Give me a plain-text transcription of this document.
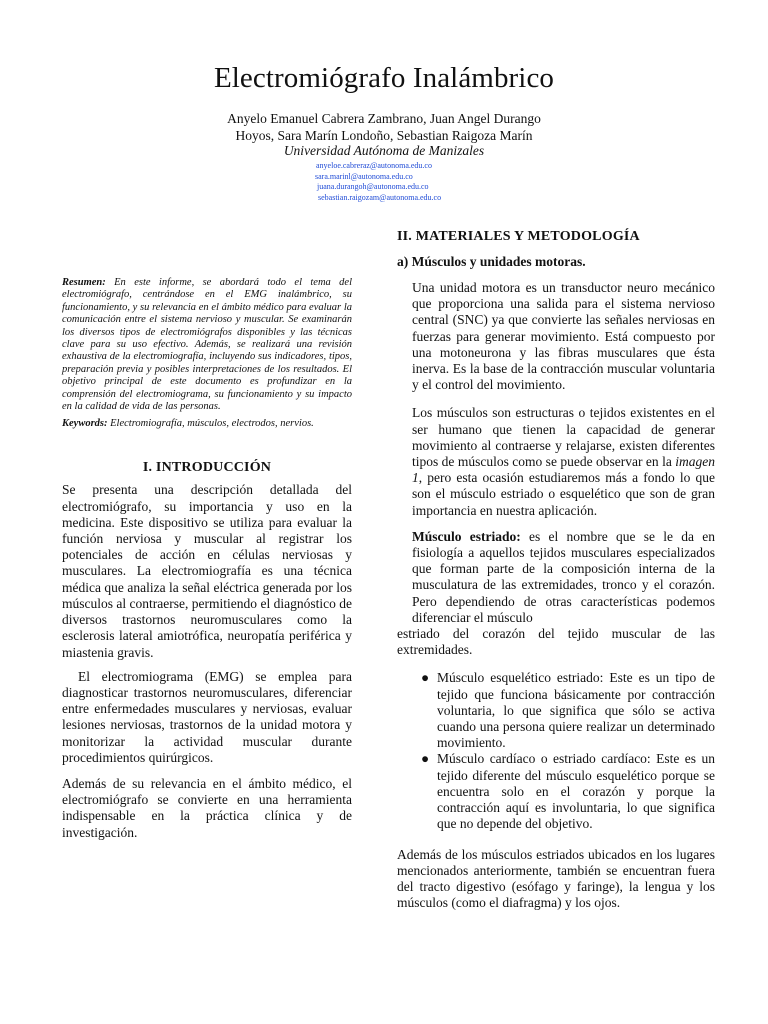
Electromiógrafo Inalámbrico
Anyelo Emanuel Cabrera Zambrano, Juan Angel Durango
Hoyos, Sara Marín Londoño, Sebastian Raigoza Marín
Universidad Autónoma de Manizales
anyeloe.cabreraz@autonoma.edu.co
sara.marinl@autonoma.edu.co
juana.durangoh@autonoma.edu.co
sebastian.raigozam@autonoma.edu.co
Resumen: En este informe, se abordará todo el tema del electromiógrafo, centrándose en el EMG inalámbrico, su funcionamiento, y su relevancia en el ámbito médico para evaluar la comunicación entre el sistema nervioso y muscular. Se examinarán los diversos tipos de electromiógrafos disponibles y las técnicas clave para su uso efectivo. Además, se realizará una revisión exhaustiva de la electromiografía, incluyendo sus indicadores, tipos, preparación previa y posibles interpretaciones de los resultados. El objetivo principal de este documento es profundizar en la comprensión del electromiograma, su funcionamiento y su impacto en la calidad de vida de las personas.
Keywords: Electromiografía, músculos, electrodos, nervios.
I. INTRODUCCIÓN

Se presenta una descripción detallada del electromiógrafo, su importancia y uso en la medicina. Este dispositivo se utiliza para evaluar la función nerviosa y muscular al registrar los potenciales de acción en células nerviosas y musculares. La electromiografía es una técnica médica que analiza la señal eléctrica generada por los músculos al contraerse, permitiendo el diagnóstico de diversos trastornos neuromusculares como la esclerosis lateral amiotrófica, neuropatía periférica y miastenia gravis.

El electromiograma (EMG) se emplea para diagnosticar trastornos neuromusculares, diferenciar entre enfermedades musculares y nerviosas, evaluar lesiones nerviosas, trastornos de la unidad motora y monitorizar la actividad muscular durante procedimientos quirúrgicos.

Además de su relevancia en el ámbito médico, el electromiógrafo se convierte en una herramienta indispensable en la práctica clínica y de investigación.

II. MATERIALES Y METODOLOGÍA
a) Músculos y unidades motoras.

Una unidad motora es un transductor neuro mecánico que proporciona una salida para el sistema nervioso central (SNC) ya que convierte las señales nerviosas en fuerzas para generar movimiento. Está compuesto por una motoneurona y las fibras musculares que ésta inerva. Es la base de la contracción muscular voluntaria y el control del movimiento.

Los músculos son estructuras o tejidos existentes en el ser humano que tienen la capacidad de generar movimiento al contraerse y relajarse, existen diferentes tipos de músculos como se puede observar en la imagen 1, pero esta ocasión estudiaremos más a fondo lo que son el músculo estriado o esquelético que son de gran importancia en nuestra aplicación.

Músculo estriado: es el nombre que se le da en fisiología a aquellos tejidos musculares especializados que forman parte de la composición interna de la musculatura de las extremidades, tronco y el corazón. Pero dependiendo de otras características podemos diferenciar el músculo

estriado del corazón del tejido muscular de las extremidades.

● Músculo esquelético estriado: Este es un tipo de tejido que funciona básicamente por contracción voluntaria, lo que significa que sólo se activa cuando una persona quiere realizar un determinado movimiento.
● Músculo cardíaco o estriado cardíaco: Este es un tejido diferente del músculo esquelético porque se encuentra solo en el corazón y porque la contracción aquí es involuntaria, lo que significa que no depende del objetivo.

Además de los músculos estriados ubicados en los lugares mencionados anteriormente, también se encuentran fuera del tracto digestivo (esófago y faringe), la lengua y los músculos (como el diafragma) y los ojos.
